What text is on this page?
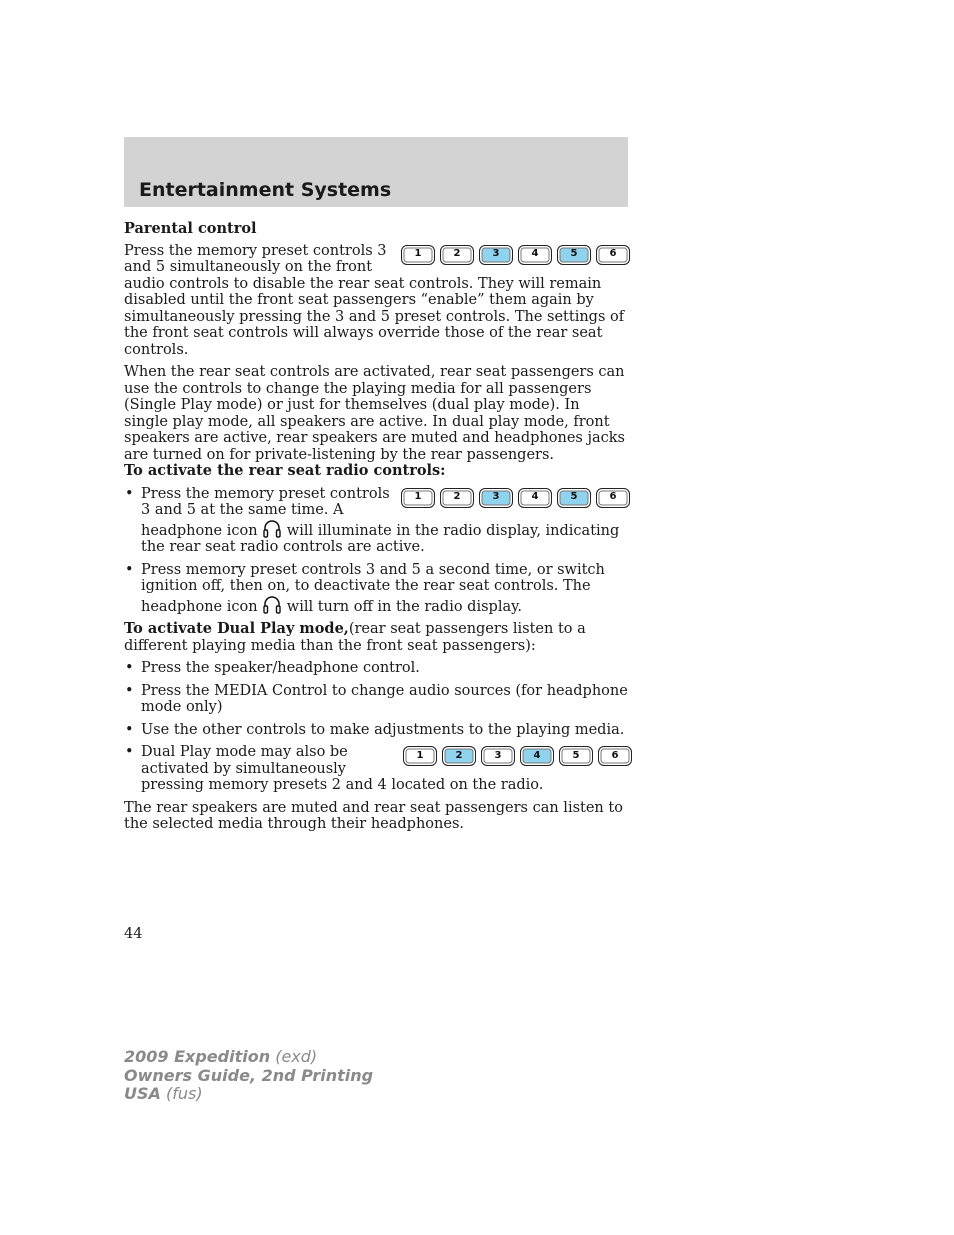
Entertainment Systems

Parental control

1	2	3	4	5	6

Press the memory preset controls 3 and 5 simultaneously on the front audio controls to disable the rear seat controls. They will remain disabled until the front seat passengers “enable” them again by simultaneously pressing the 3 and 5 preset controls. The settings of the front seat controls will always override those of the rear seat controls.

When the rear seat controls are activated, rear seat passengers can use the controls to change the playing media for all passengers (Single Play mode) or just for themselves (dual play mode). In single play mode, all speakers are active. In dual play mode, front speakers are active, rear speakers are muted and headphones jacks are turned on for private-listening by the rear passengers.

To activate the rear seat radio controls:

•	1	2	3	4	5	6
Press the memory preset controls 3 and 5 at the same time. A headphone icon will illuminate in the radio display, indicating the rear seat radio controls are active.
• Press memory preset controls 3 and 5 a second time, or switch ignition off, then on, to deactivate the rear seat controls. The headphone icon will turn off in the radio display.

To activate Dual Play mode,(rear seat passengers listen to a different playing media than the front seat passengers):

• Press the speaker/headphone control.
• Press the MEDIA Control to change audio sources (for headphone mode only)
• Use the other controls to make adjustments to the playing media.
•	1	2	3	4	5	6
Dual Play mode may also be activated by simultaneously pressing memory presets 2 and 4 located on the radio.

The rear speakers are muted and rear seat passengers can listen to the selected media through their headphones.

44
2009 Expedition (exd)
Owners Guide, 2nd Printing
USA (fus)
